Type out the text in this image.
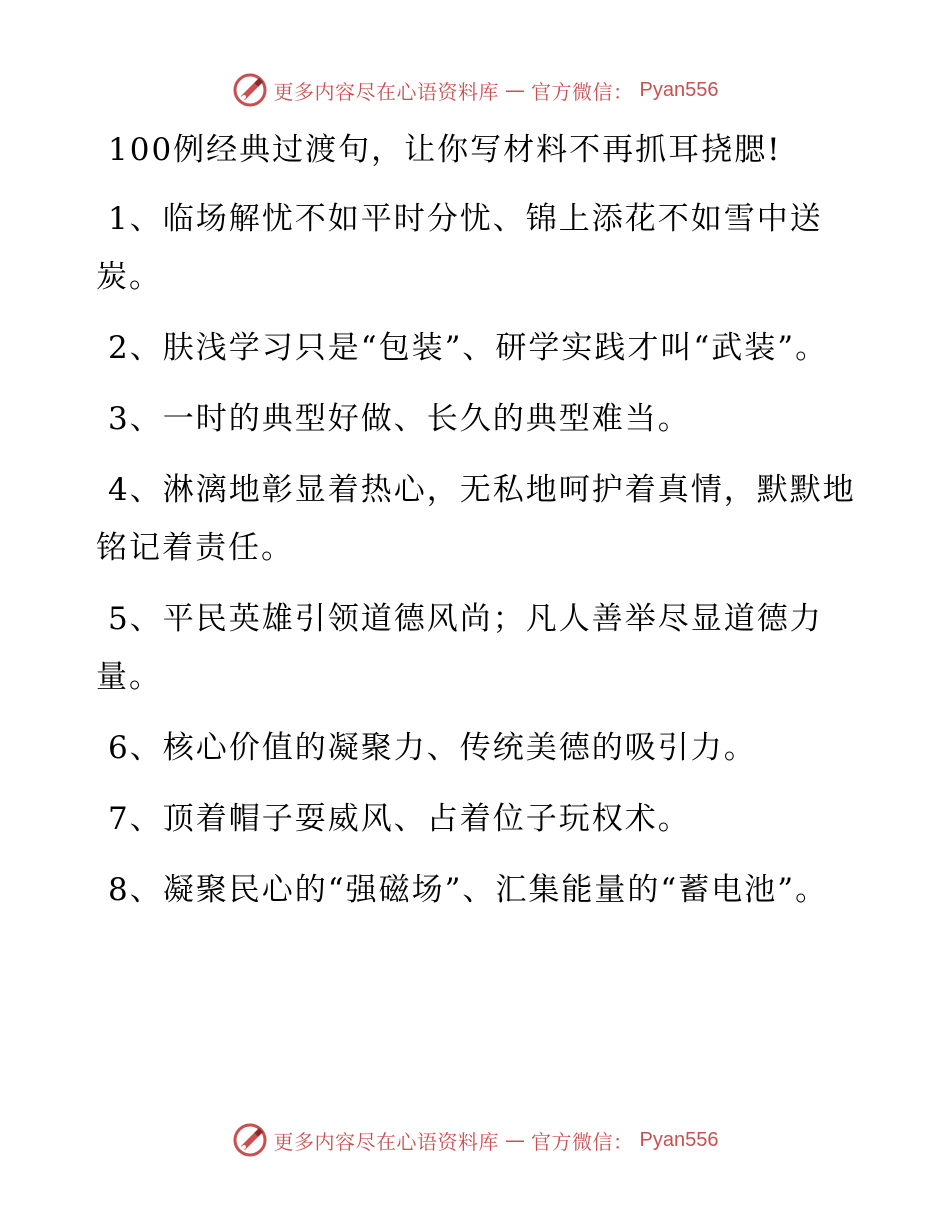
更多内容尽在心语资料库 — 官方微信： Pyan556
100例经典过渡句，让你写材料不再抓耳挠腮!

1、临场解忧不如平时分忧、锦上添花不如雪中送炭。

2、肤浅学习只是“包装”、研学实践才叫“武装”。

3、一时的典型好做、长久的典型难当。

4、淋漓地彰显着热心，无私地呵护着真情，默默地铭记着责任。

5、平民英雄引领道德风尚；凡人善举尽显道德力量。

6、核心价值的凝聚力、传统美德的吸引力。

7、顶着帽子耍威风、占着位子玩权术。

8、凝聚民心的“强磁场”、汇集能量的“蓄电池”。

更多内容尽在心语资料库 — 官方微信： Pyan556
